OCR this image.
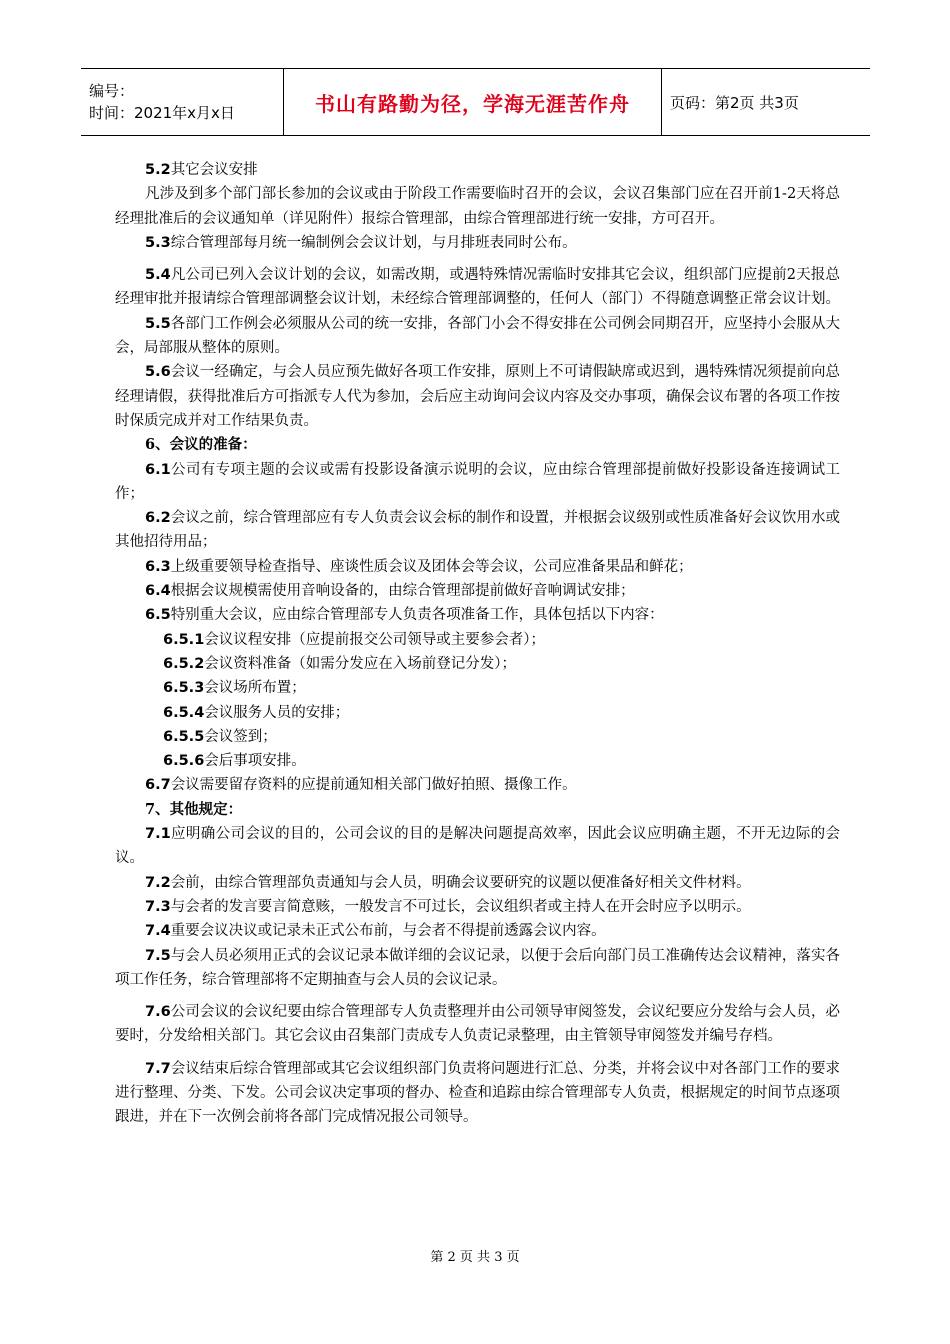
编号：
时间：2021年x月x日	书山有路勤为径，学海无涯苦作舟	页码：第2页 共3页

5.2其它会议安排

凡涉及到多个部门部长参加的会议或由于阶段工作需要临时召开的会议，会议召集部门应在召开前1-2天将总经理批准后的会议通知单（详见附件）报综合管理部，由综合管理部进行统一安排，方可召开。

5.3综合管理部每月统一编制例会会议计划，与月排班表同时公布。

5.4凡公司已列入会议计划的会议，如需改期，或遇特殊情况需临时安排其它会议，组织部门应提前2天报总经理审批并报请综合管理部调整会议计划，未经综合管理部调整的，任何人（部门）不得随意调整正常会议计划。

5.5各部门工作例会必须服从公司的统一安排，各部门小会不得安排在公司例会同期召开，应坚持小会服从大会，局部服从整体的原则。

5.6会议一经确定，与会人员应预先做好各项工作安排，原则上不可请假缺席或迟到，遇特殊情况须提前向总经理请假，获得批准后方可指派专人代为参加，会后应主动询问会议内容及交办事项，确保会议布署的各项工作按时保质完成并对工作结果负责。

6、会议的准备：

6.1公司有专项主题的会议或需有投影设备演示说明的会议，应由综合管理部提前做好投影设备连接调试工作；

6.2会议之前，综合管理部应有专人负责会议会标的制作和设置，并根据会议级别或性质准备好会议饮用水或其他招待用品；

6.3上级重要领导检查指导、座谈性质会议及团体会等会议，公司应准备果品和鲜花；

6.4根据会议规模需使用音响设备的，由综合管理部提前做好音响调试安排；

6.5特别重大会议，应由综合管理部专人负责各项准备工作，具体包括以下内容：

6.5.1会议议程安排（应提前报交公司领导或主要参会者）；

6.5.2会议资料准备（如需分发应在入场前登记分发）；

6.5.3会议场所布置；

6.5.4会议服务人员的安排；

6.5.5会议签到；

6.5.6会后事项安排。

6.7会议需要留存资料的应提前通知相关部门做好拍照、摄像工作。

7、其他规定：

7.1应明确公司会议的目的，公司会议的目的是解决问题提高效率，因此会议应明确主题，不开无边际的会议。

7.2会前，由综合管理部负责通知与会人员，明确会议要研究的议题以便准备好相关文件材料。

7.3与会者的发言要言简意赅，一般发言不可过长，会议组织者或主持人在开会时应予以明示。

7.4重要会议决议或记录未正式公布前，与会者不得提前透露会议内容。

7.5与会人员必须用正式的会议记录本做详细的会议记录，以便于会后向部门员工准确传达会议精神，落实各项工作任务，综合管理部将不定期抽查与会人员的会议记录。

7.6公司会议的会议纪要由综合管理部专人负责整理并由公司领导审阅签发，会议纪要应分发给与会人员，必要时，分发给相关部门。其它会议由召集部门责成专人负责记录整理，由主管领导审阅签发并编号存档。

7.7会议结束后综合管理部或其它会议组织部门负责将问题进行汇总、分类，并将会议中对各部门工作的要求进行整理、分类、下发。公司会议决定事项的督办、检查和追踪由综合管理部专人负责，根据规定的时间节点逐项跟进，并在下一次例会前将各部门完成情况报公司领导。

第 2 页 共 3 页
